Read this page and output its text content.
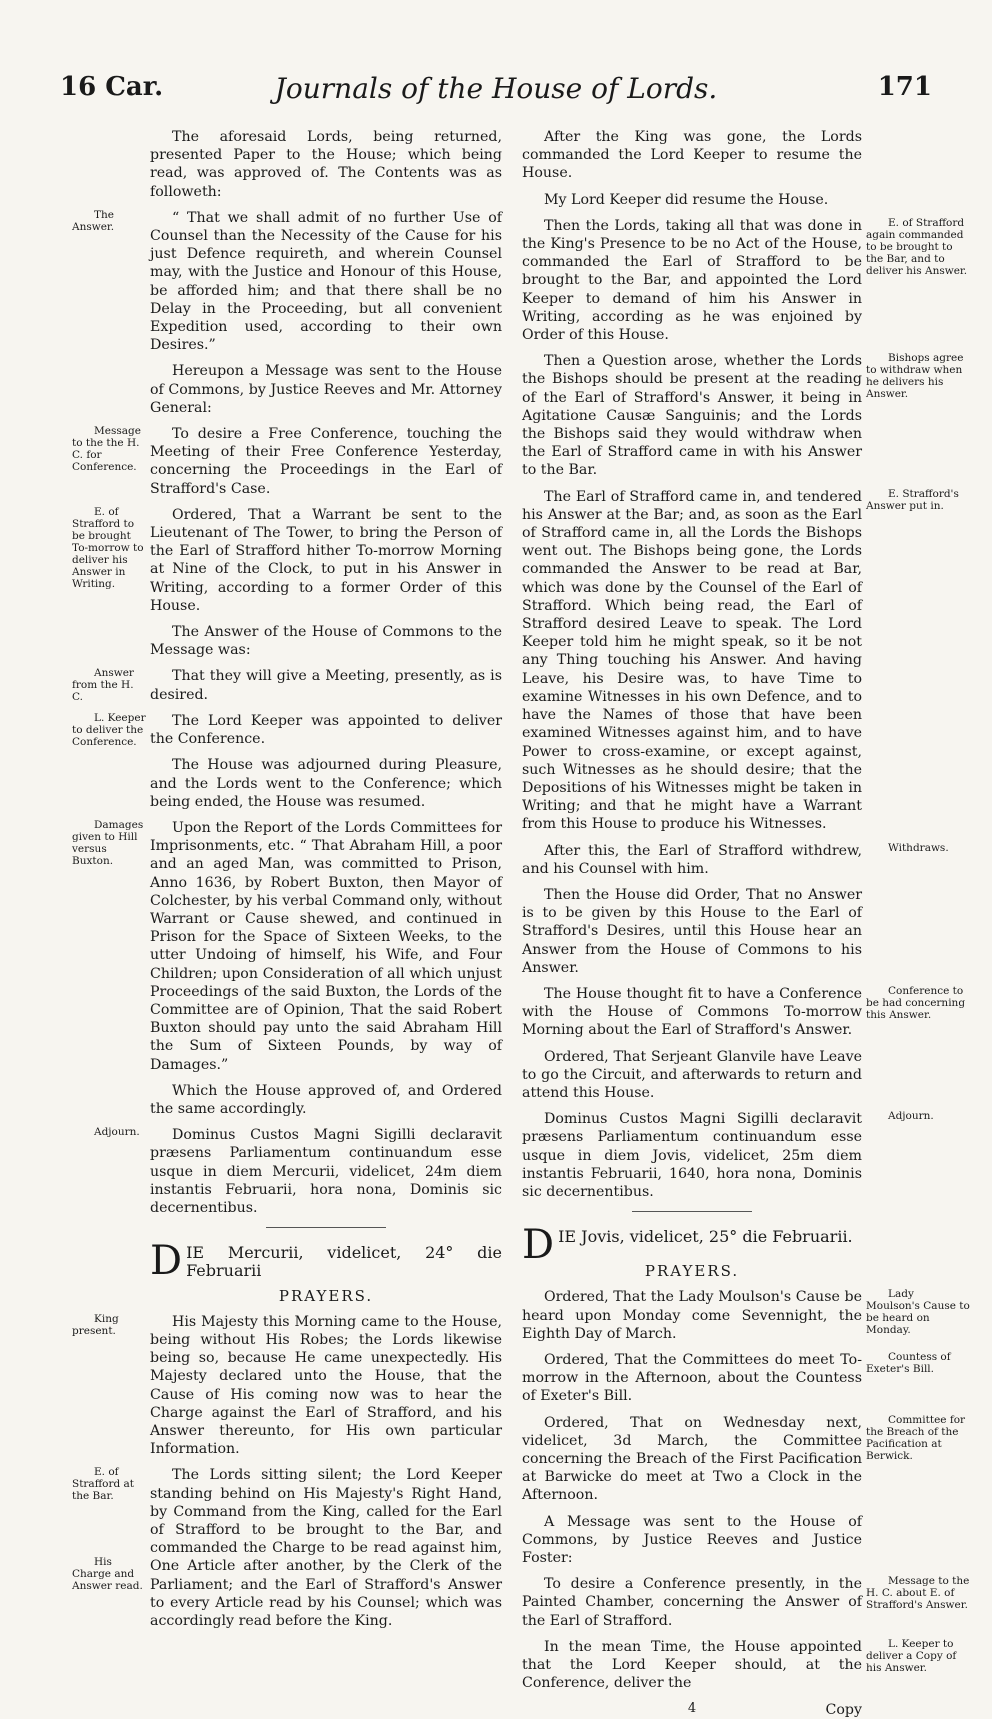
16 Car.	Journals of the House of Lords.	171

The aforesaid Lords, being returned, presented Paper to the House; which being read, was approved of. The Contents was as followeth:

“ That we shall admit of no further Use of Counsel than the Necessity of the Cause for his just Defence requireth, and wherein Counsel may, with the Justice and Honour of this House, be afforded him; and that there shall be no Delay in the Proceeding, but all convenient Expedition used, according to their own Desires.”
The Answer.

Hereupon a Message was sent to the House of Commons, by Justice Reeves and Mr. Attorney General:

To desire a Free Conference, touching the Meeting of their Free Conference Yesterday, concerning the Proceedings in the Earl of Strafford's Case.
Message to the the H. C. for Conference.

Ordered, That a Warrant be sent to the Lieutenant of The Tower, to bring the Person of the Earl of Strafford hither To-morrow Morning at Nine of the Clock, to put in his Answer in Writing, according to a former Order of this House.
E. of Strafford to be brought To-morrow to deliver his Answer in Writing.

The Answer of the House of Commons to the Message was:

That they will give a Meeting, presently, as is desired.
Answer from the H. C.

The Lord Keeper was appointed to deliver the Conference.
L. Keeper to deliver the Conference.

The House was adjourned during Pleasure, and the Lords went to the Conference; which being ended, the House was resumed.

Upon the Report of the Lords Committees for Imprisonments, etc. “ That Abraham Hill, a poor and an aged Man, was committed to Prison, Anno 1636, by Robert Buxton, then Mayor of Colchester, by his verbal Command only, without Warrant or Cause shewed, and continued in Prison for the Space of Sixteen Weeks, to the utter Undoing of himself, his Wife, and Four Children; upon Consideration of all which unjust Proceedings of the said Buxton, the Lords of the Committee are of Opinion, That the said Robert Buxton should pay unto the said Abraham Hill the Sum of Sixteen Pounds, by way of Damages.”
Damages given to Hill versus Buxton.

Which the House approved of, and Ordered the same accordingly.

Dominus Custos Magni Sigilli declaravit præsens Parliamentum continuandum esse usque in diem Mercurii, videlicet, 24m diem instantis Februarii, hora nona, Dominis sic decernentibus.
Adjourn.

D IE Mercurii, videlicet, 24° die Februarii
PRAYERS.

His Majesty this Morning came to the House, being without His Robes; the Lords likewise being so, because He came unexpectedly. His Majesty declared unto the House, that the Cause of His coming now was to hear the Charge against the Earl of Strafford, and his Answer thereunto, for His own particular Information.
King present.

The Lords sitting silent; the Lord Keeper standing behind on His Majesty's Right Hand, by Command from the King, called for the Earl of Strafford to be brought to the Bar, and commanded the Charge to be read against him, One Article after another, by the Clerk of the Parliament; and the Earl of Strafford's Answer to every Article read by his Counsel; which was accordingly read before the King.
E. of Strafford at the Bar.
His Charge and Answer read.

After the King was gone, the Lords commanded the Lord Keeper to resume the House.

My Lord Keeper did resume the House.

Then the Lords, taking all that was done in the King's Presence to be no Act of the House, commanded the Earl of Strafford to be brought to the Bar, and appointed the Lord Keeper to demand of him his Answer in Writing, according as he was enjoined by Order of this House.
E. of Strafford again commanded to be brought to the Bar, and to deliver his Answer.

Then a Question arose, whether the Lords the Bishops should be present at the reading of the Earl of Strafford's Answer, it being in Agitatione Causæ Sanguinis; and the Lords the Bishops said they would withdraw when the Earl of Strafford came in with his Answer to the Bar.
Bishops agree to withdraw when he delivers his Answer.

The Earl of Strafford came in, and tendered his Answer at the Bar; and, as soon as the Earl of Strafford came in, all the Lords the Bishops went out. The Bishops being gone, the Lords commanded the Answer to be read at Bar, which was done by the Counsel of the Earl of Strafford. Which being read, the Earl of Strafford desired Leave to speak. The Lord Keeper told him he might speak, so it be not any Thing touching his Answer. And having Leave, his Desire was, to have Time to examine Witnesses in his own Defence, and to have the Names of those that have been examined Witnesses against him, and to have Power to cross-examine, or except against, such Witnesses as he should desire; that the Depositions of his Witnesses might be taken in Writing; and that he might have a Warrant from this House to produce his Witnesses.
E. Strafford's Answer put in.

After this, the Earl of Strafford withdrew, and his Counsel with him.
Withdraws.

Then the House did Order, That no Answer is to be given by this House to the Earl of Strafford's Desires, until this House hear an Answer from the House of Commons to his Answer.

The House thought fit to have a Conference with the House of Commons To-morrow Morning about the Earl of Strafford's Answer.
Conference to be had concerning this Answer.

Ordered, That Serjeant Glanvile have Leave to go the Circuit, and afterwards to return and attend this House.

Dominus Custos Magni Sigilli declaravit præsens Parliamentum continuandum esse usque in diem Jovis, videlicet, 25m diem instantis Februarii, 1640, hora nona, Dominis sic decernentibus.
Adjourn.

D IE Jovis, videlicet, 25° die Februarii.
PRAYERS.

Ordered, That the Lady Moulson's Cause be heard upon Monday come Sevennight, the Eighth Day of March.
Lady Moulson's Cause to be heard on Monday.

Ordered, That the Committees do meet To-morrow in the Afternoon, about the Countess of Exeter's Bill.
Countess of Exeter's Bill.

Ordered, That on Wednesday next, videlicet, 3d March, the Committee concerning the Breach of the First Pacification at Barwicke do meet at Two a Clock in the Afternoon.
Committee for the Breach of the Pacification at Berwick.

A Message was sent to the House of Commons, by Justice Reeves and Justice Foster:

To desire a Conference presently, in the Painted Chamber, concerning the Answer of the Earl of Strafford.
Message to the H. C. about E. of Strafford's Answer.

In the mean Time, the House appointed that the Lord Keeper should, at the Conference, deliver the
L. Keeper to deliver a Copy of his Answer.

4	Copy
